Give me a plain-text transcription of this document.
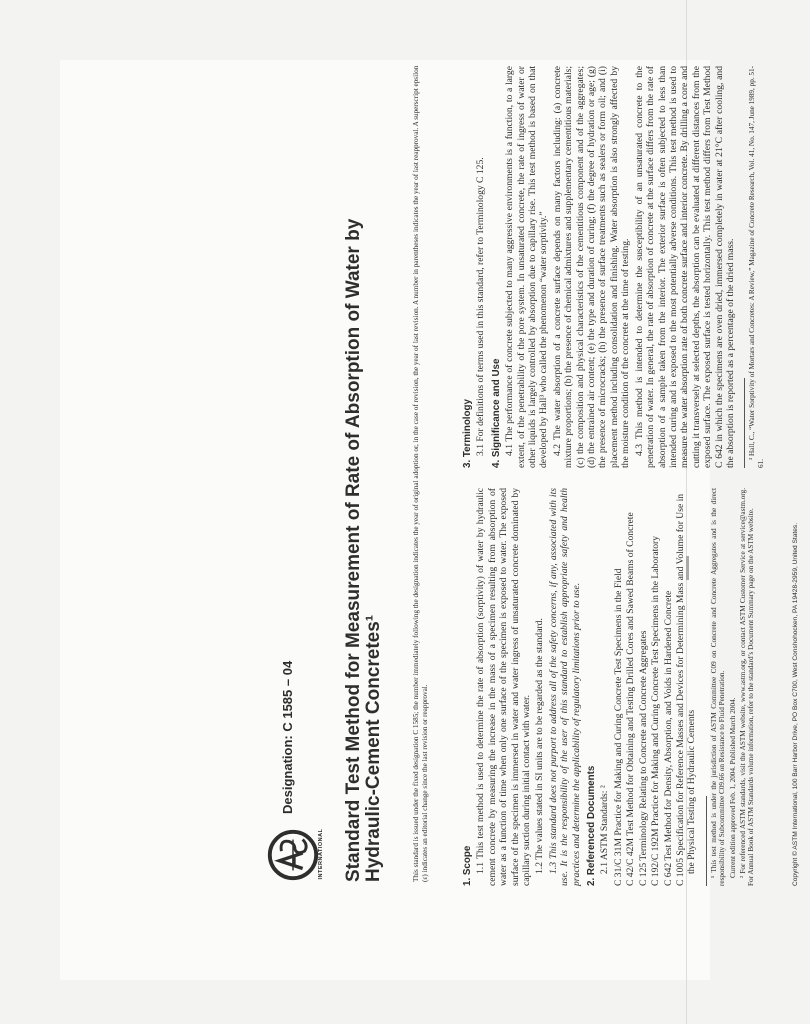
INTERNATIONAL
Designation: C 1585 – 04	Standard Test Method for Measurement of Rate of Absorption of Water by Hydraulic-Cement Concretes¹	This standard is issued under the fixed designation C 1585; the number immediately following the designation indicates the year of original adoption or, in the case of revision, the year of last revision. A number in parentheses indicates the year of last reapproval. A superscript epsilon (ε) indicates an editorial change since the last revision or reapproval.	1. Scope 1.1 This test method is used to determine the rate of absorption (sorptivity) of water by hydraulic cement concrete by measuring the increase in the mass of a specimen resulting from absorption of water as a function of time when only one surface of the specimen is exposed to water. The exposed surface of the specimen is immersed in water and water ingress of unsaturated concrete dominated by capillary suction during initial contact with water. 1.2 The values stated in SI units are to be regarded as the standard. 1.3 This standard does not purport to address all of the safety concerns, if any, associated with its use. It is the responsibility of the user of this standard to establish appropriate safety and health practices and determine the applicability of regulatory limitations prior to use. 2. Referenced Documents 2.1 ASTM Standards: ² C 31/C 31M Practice for Making and Curing Concrete Test Specimens in the Field C 42/C 42M Test Method for Obtaining and Testing Drilled Cores and Sawed Beams of Concrete C 125 Terminology Relating to Concrete and Concrete Aggregates C 192/C 192M Practice for Making and Curing Concrete Test Specimens in the Laboratory C 642 Test Method for Density, Absorption, and Voids in Hardened Concrete C 1005 Specification for Reference Masses and Devices for Determining Mass and Volume for Use in the Physical Testing of Hydraulic Cements ¹ This test method is under the jurisdiction of ASTM Committee C09 on Concrete and Concrete Aggregates and is the direct responsibility of Subcommittee C09.66 on Resistance to Fluid Penetration. Current edition approved Feb. 1, 2004. Published March 2004. ² For referenced ASTM standards, visit the ASTM website, www.astm.org, or contact ASTM Customer Service at service@astm.org. For Annual Book of ASTM Standards volume information, refer to the standard’s Document Summary page on the ASTM website.

3. Terminology 3.1 For definitions of terms used in this standard, refer to Terminology C 125. 4. Significance and Use 4.1 The performance of concrete subjected to many aggressive environments is a function, to a large extent, of the penetrability of the pore system. In unsaturated concrete, the rate of ingress of water or other liquids is largely controlled by absorption due to capillary rise. This test method is based on that developed by Hall³ who called the phenomenon “water sorptivity.” 4.2 The water absorption of a concrete surface depends on many factors including: (a) concrete mixture proportions; (b) the presence of chemical admixtures and supplementary cementitious materials; (c) the composition and physical characteristics of the cementitious component and of the aggregates; (d) the entrained air content; (e) the type and duration of curing; (f) the degree of hydration or age; (g) the presence of microcracks; (h) the presence of surface treatments such as sealers or form oil; and (i) placement method including consolidation and finishing. Water absorption is also strongly affected by the moisture condition of the concrete at the time of testing. 4.3 This method is intended to determine the susceptibility of an unsaturated concrete to the penetration of water. In general, the rate of absorption of concrete at the surface differs from the rate of absorption of a sample taken from the interior. The exterior surface is often subjected to less than intended curing and is exposed to the most potentially adverse conditions. This test method is used to measure the water absorption rate of both concrete surface and interior concrete. By drilling a core and cutting it transversely at selected depths, the absorption can be evaluated at different distances from the exposed surface. The exposed surface is tested horizontally. This test method differs from Test Method C 642 in which the specimens are oven dried, immersed completely in water at 21°C after cooling, and the absorption is reported as a percentage of the dried mass. ³ Hall, C., “Water Sorptivity of Mortars and Concretes: A Review,” Magazine of Concrete Research, Vol. 41, No. 147, June 1989, pp. 51-61.

Copyright © ASTM International, 100 Barr Harbor Drive, PO Box C700, West Conshohocken, PA 19428-2959, United States.
